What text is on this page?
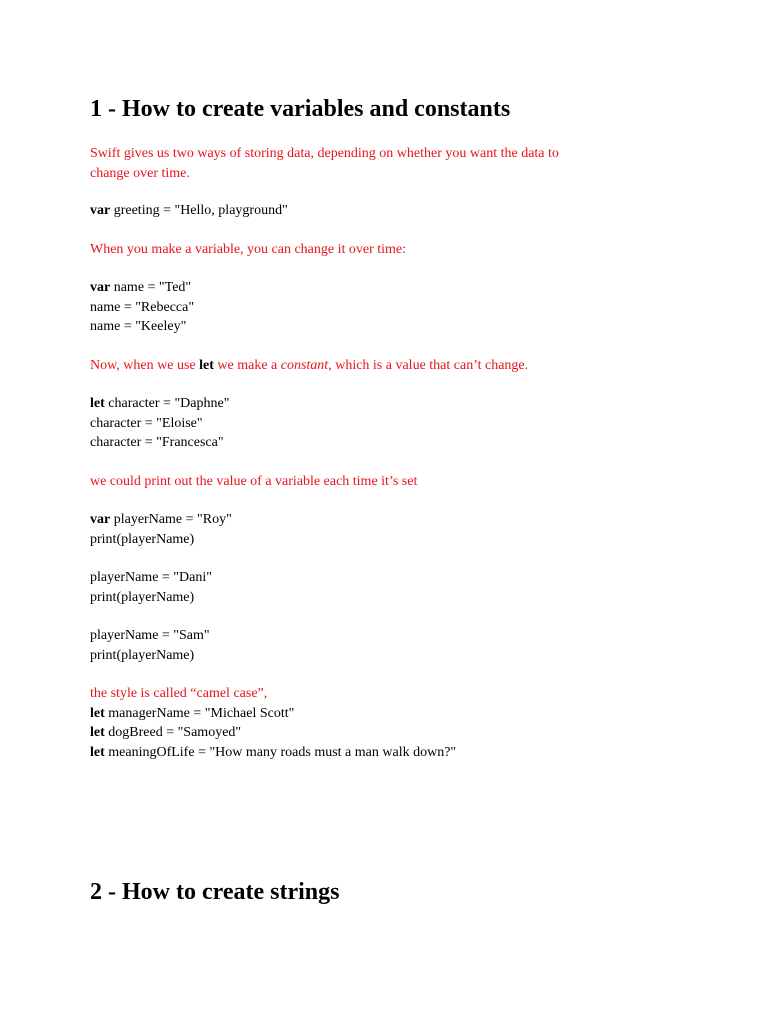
1 - How to create variables and constants
Swift gives us two ways of storing data, depending on whether you want the data to
change over time.
var greeting = "Hello, playground"
When you make a variable, you can change it over time:
var name = "Ted"
name = "Rebecca"
name = "Keeley"
Now, when we use let we make a constant, which is a value that can’t change.
let character = "Daphne"
character = "Eloise"
character = "Francesca"
we could print out the value of a variable each time it’s set
var playerName = "Roy"
print(playerName)
playerName = "Dani"
print(playerName)
playerName = "Sam"
print(playerName)
the style is called “camel case”,
let managerName = "Michael Scott"
let dogBreed = "Samoyed"
let meaningOfLife = "How many roads must a man walk down?"
2 - How to create strings
